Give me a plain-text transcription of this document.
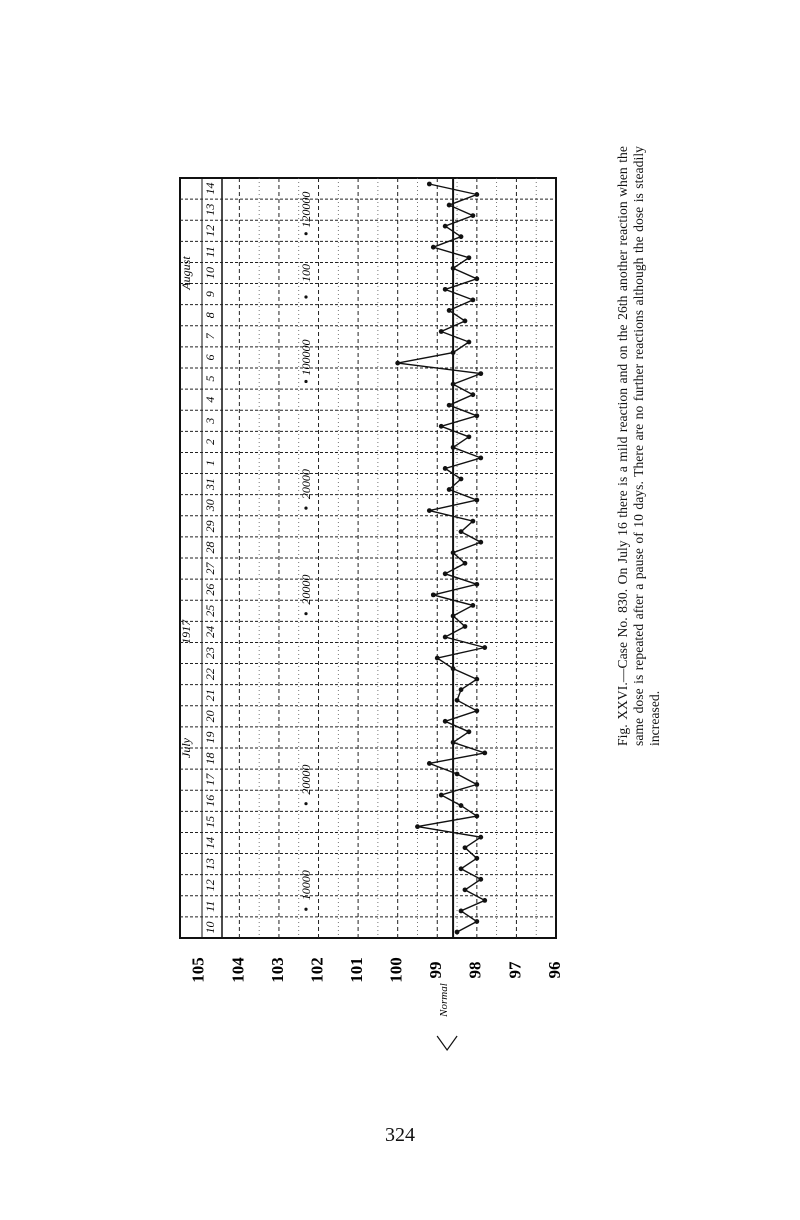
10
11
12
13
14
15
16
17
18
19
20
21
22
23
24
25
26
27
28
29
30
31
1
2
3
4
5
6
7
8
9
10
11
12
13
14
July
1917
August
10000
20000
20000
20000
100000
100
120000
105 104 103 102 101 100 99 98 97 96
Normal
Fig. XXVI.—Case No. 830. On July 16 there is a mild reaction and on the 26th another reaction when the same dose is repeated after a pause of 10 days. There are no further reactions although the dose is steadily increased.
324
